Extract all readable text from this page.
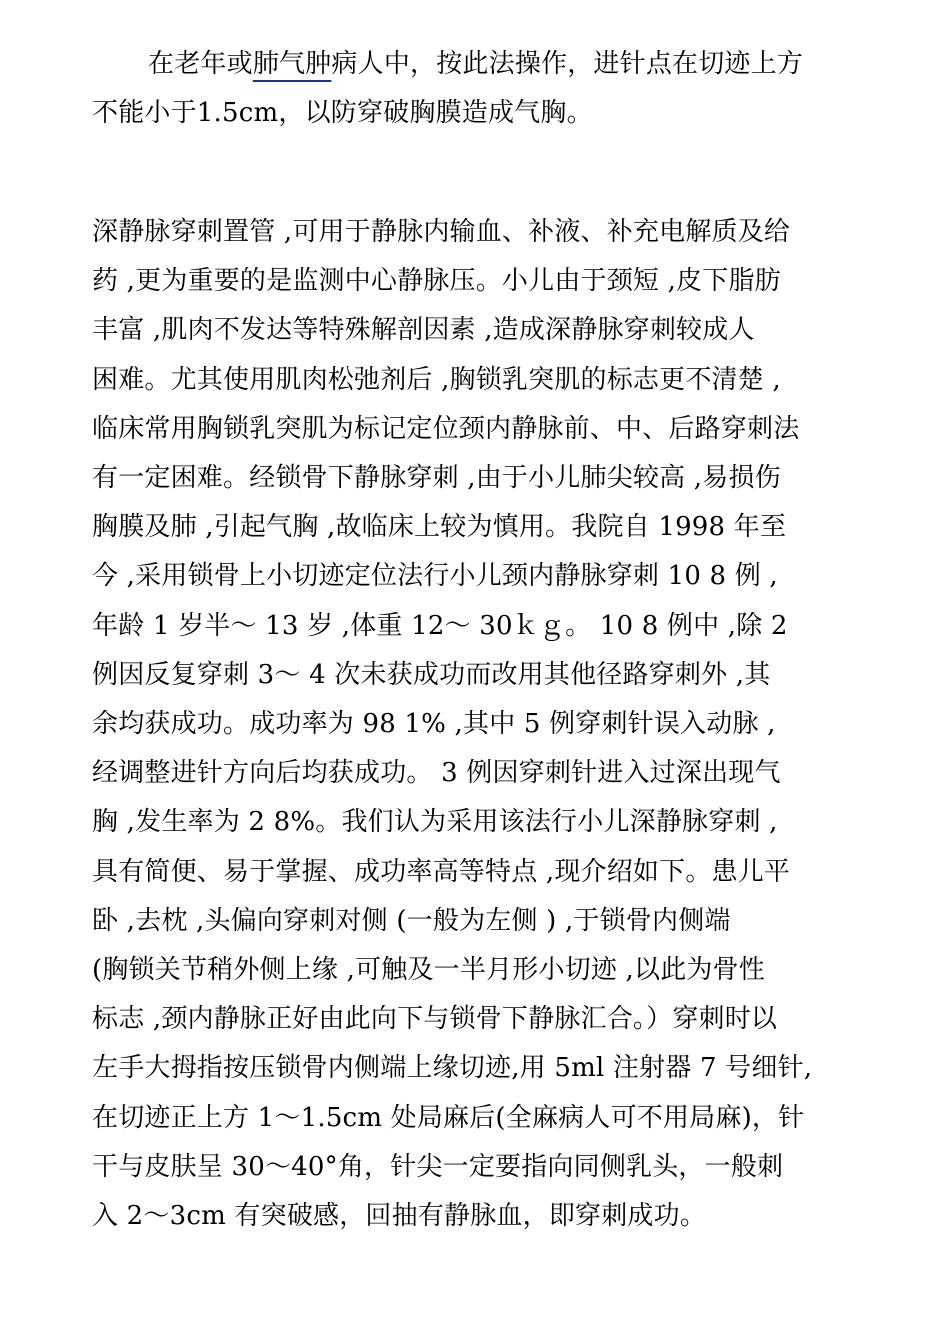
在老年或肺气肿病人中，按此法操作，进针点在切迹上方
不能小于1.5cm，以防穿破胸膜造成气胸。

深静脉穿刺置管 ,可用于静脉内输血、补液、补充电解质及给
药 ,更为重要的是监测中心静脉压。小儿由于颈短 ,皮下脂肪
丰富 ,肌肉不发达等特殊解剖因素 ,造成深静脉穿刺较成人
困难。尤其使用肌肉松弛剂后 ,胸锁乳突肌的标志更不清楚 ,
临床常用胸锁乳突肌为标记定位颈内静脉前、中、后路穿刺法
有一定困难。经锁骨下静脉穿刺 ,由于小儿肺尖较高 ,易损伤
胸膜及肺 ,引起气胸 ,故临床上较为慎用。我院自 1998 年至
今 ,采用锁骨上小切迹定位法行小儿颈内静脉穿刺 10 8 例 ,
年龄 1 岁半～ 13 岁 ,体重 12～ 30ｋｇ。 10 8 例中 ,除 2
例因反复穿刺 3～ 4 次未获成功而改用其他径路穿刺外 ,其
余均获成功。成功率为 98 1% ,其中 5 例穿刺针误入动脉 ,
经调整进针方向后均获成功。 3 例因穿刺针进入过深出现气
胸 ,发生率为 2 8%。我们认为采用该法行小儿深静脉穿刺 ,
具有简便、易于掌握、成功率高等特点 ,现介绍如下。患儿平
卧 ,去枕 ,头偏向穿刺对侧 (一般为左侧 ) ,于锁骨内侧端
(胸锁关节稍外侧上缘 ,可触及一半月形小切迹 ,以此为骨性
标志 ,颈内静脉正好由此向下与锁骨下静脉汇合。）穿刺时以
左手大拇指按压锁骨内侧端上缘切迹,用 5ml 注射器 7 号细针,
在切迹正上方 1～1.5cm 处局麻后(全麻病人可不用局麻)，针
干与皮肤呈 30～40°角，针尖一定要指向同侧乳头，一般刺
入 2～3cm 有突破感，回抽有静脉血，即穿刺成功。
